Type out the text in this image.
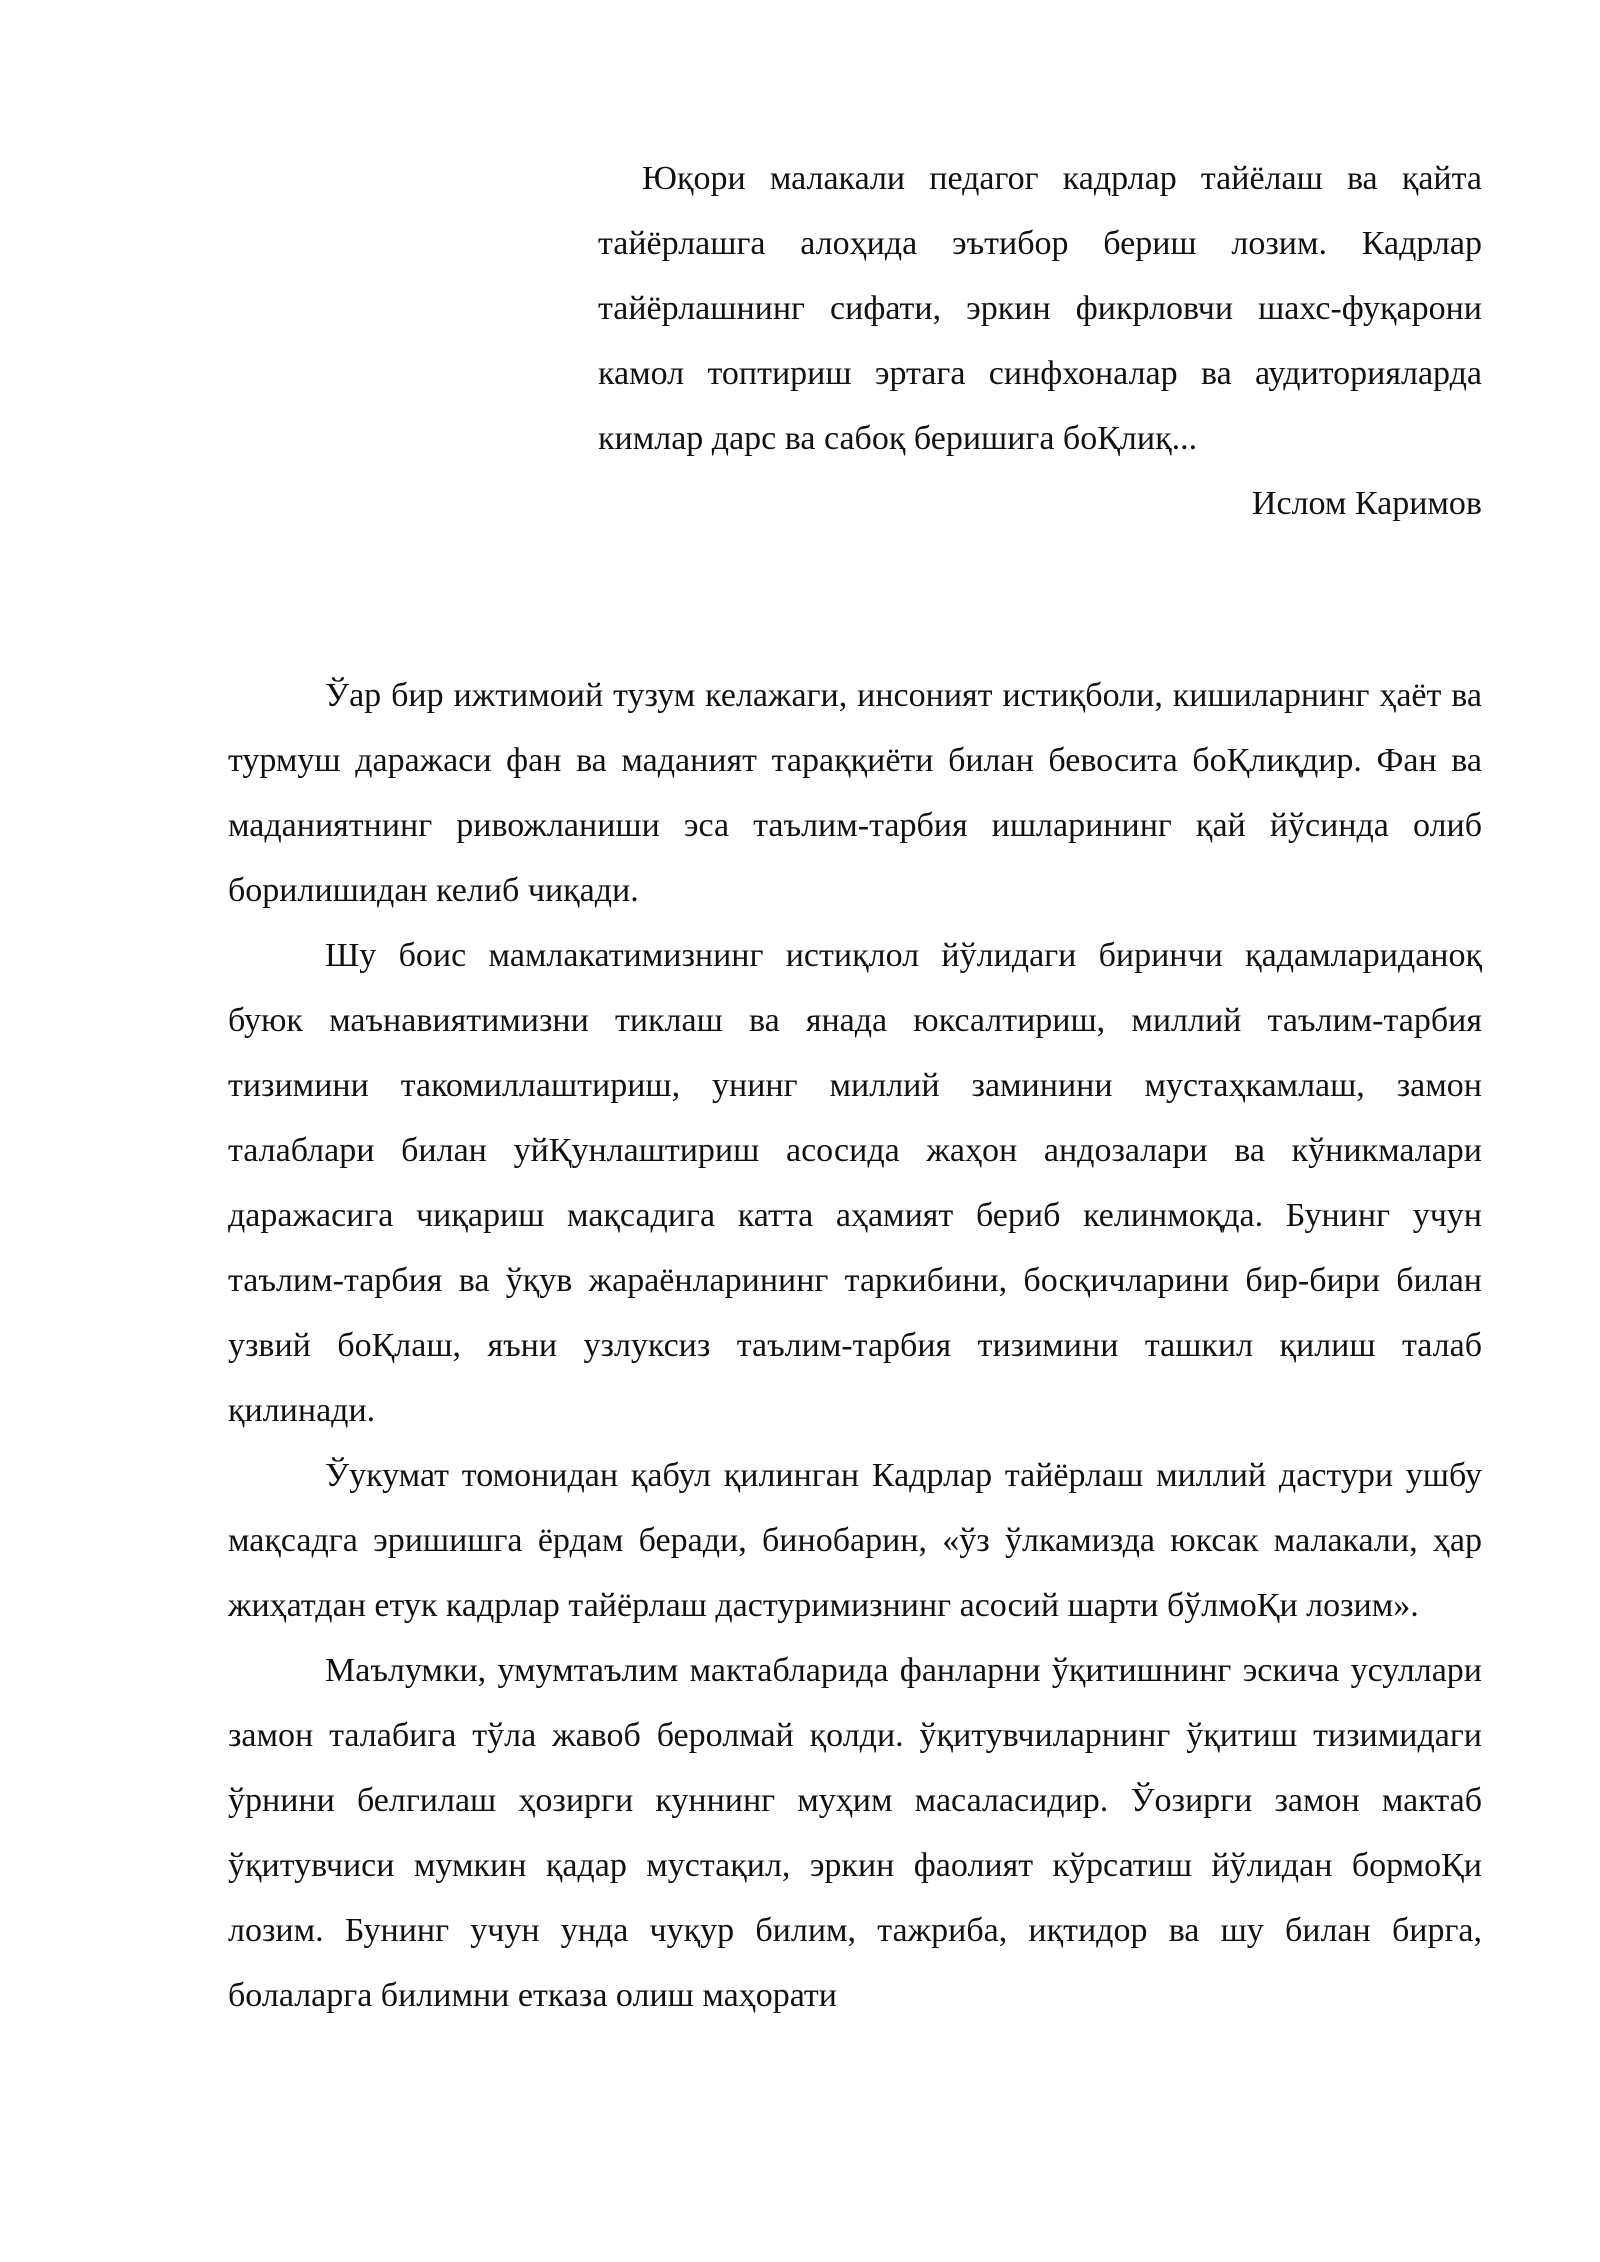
Юқори малакали педагог кадрлар тайёлаш ва қайта тайёрлашга алоҳида эътибор бериш лозим. Кадрлар тайёрлашнинг сифати, эркин фикрловчи шахс-фуқарони камол топтириш эртага синфхоналар ва аудиторияларда кимлар дарс ва сабоқ беришига боҚлиқ...

Ислом Каримов

Ўар бир ижтимоий тузум келажаги, инсоният истиқболи, кишиларнинг ҳаёт ва турмуш даражаси фан ва маданият тараққиёти билан бевосита боҚлиқдир. Фан ва маданиятнинг ривожланиши эса таълим-тарбия ишларининг қай йўсинда олиб борилишидан келиб чиқади.

Шу боис мамлакатимизнинг истиқлол йўлидаги биринчи қадамлариданоқ буюк маънавиятимизни тиклаш ва янада юксалтириш, миллий таълим-тарбия тизимини такомиллаштириш, унинг миллий заминини мустаҳкамлаш, замон талаблари билан уйҚунлаштириш асосида жаҳон андозалари ва кўникмалари даражасига чиқариш мақсадига катта аҳамият бериб келинмоқда. Бунинг учун таълим-тарбия ва ўқув жараёнларининг таркибини, босқичларини бир-бири билан узвий боҚлаш, яъни узлуксиз таълим-тарбия тизимини ташкил қилиш талаб қилинади.

Ўукумат томонидан қабул қилинган Кадрлар тайёрлаш миллий дастури ушбу мақсадга эришишга ёрдам беради, бинобарин, «ўз ўлкамизда юксак малакали, ҳар жиҳатдан етук кадрлар тайёрлаш дастуримизнинг асосий шарти бўлмоҚи лозим».

Маълумки, умумтаълим мактабларида фанларни ўқитишнинг эскича усуллари замон талабига тўла жавоб беролмай қолди. ўқитувчиларнинг ўқитиш тизимидаги ўрнини белгилаш ҳозирги куннинг муҳим масаласидир. Ўозирги замон мактаб ўқитувчиси мумкин қадар мустақил, эркин фаолият кўрсатиш йўлидан бормоҚи лозим. Бунинг учун унда чуқур билим, тажриба, иқтидор ва шу билан бирга, болаларга билимни етказа олиш маҳорати
